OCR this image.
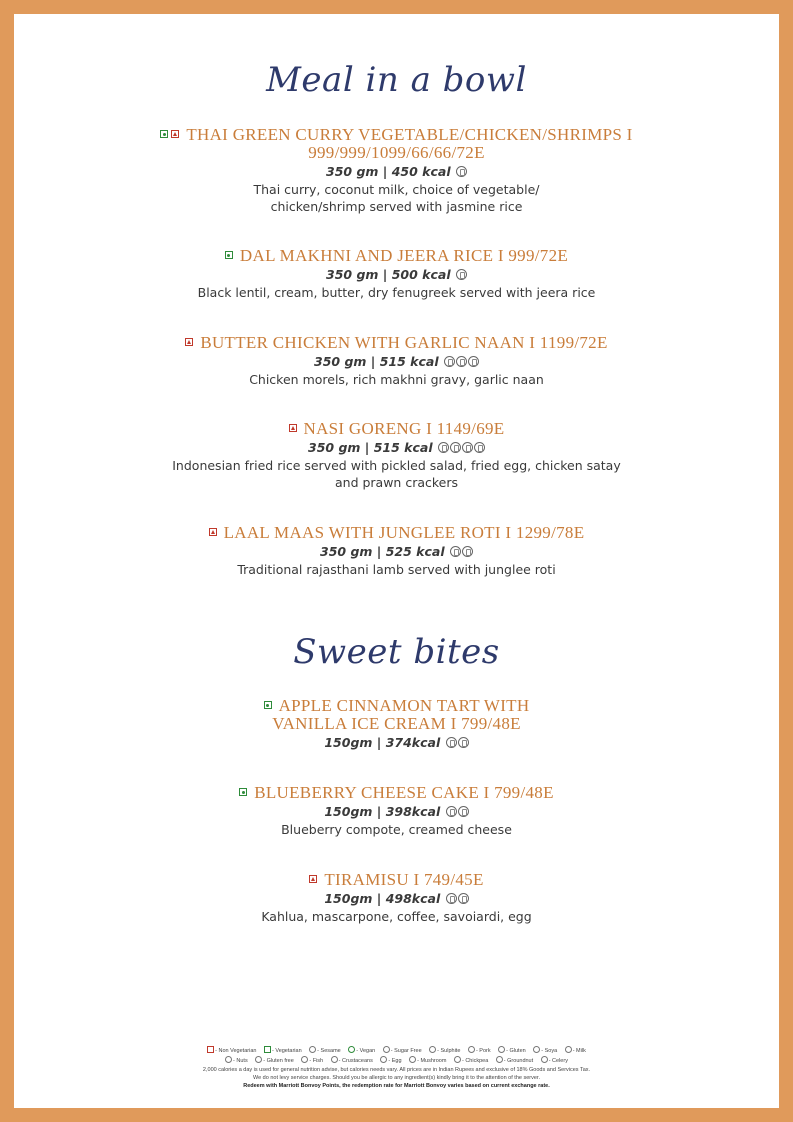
Meal in a bowl
THAI GREEN CURRY VEGETABLE/CHICKEN/SHRIMPS I
999/999/1099/66/66/72E
350 gm | 450 kcal
Thai curry, coconut milk, choice of vegetable/
chicken/shrimp served with jasmine rice
DAL MAKHNI AND JEERA RICE I 999/72E
350 gm | 500 kcal
Black lentil, cream, butter, dry fenugreek served with jeera rice
BUTTER CHICKEN WITH GARLIC NAAN I 1199/72E
350 gm | 515 kcal
Chicken morels, rich makhni gravy, garlic naan
NASI GORENG I 1149/69E
350 gm | 515 kcal
Indonesian fried rice served with pickled salad, fried egg, chicken satay
and prawn crackers
LAAL MAAS WITH JUNGLEE ROTI I 1299/78E
350 gm | 525 kcal
Traditional rajasthani lamb served with junglee roti
Sweet bites
APPLE CINNAMON TART WITH
VANILLA ICE CREAM I 799/48E
150gm | 374kcal
BLUEBERRY CHEESE CAKE I 799/48E
150gm | 398kcal
Blueberry compote, creamed cheese
TIRAMISU I 749/45E
150gm | 498kcal
Kahlua, mascarpone, coffee, savoiardi, egg
- Non Vegetarian	- Vegetarian	- Sesame	- Vegan	- Sugar Free	- Sulphite	- Pork	- Gluten	- Soya	- Milk
- Nuts	- Gluten free	- Fish	- Crustaceans	- Egg	- Mushroom	- Chickpea	- Groundnut	- Celery
2,000 calories a day is used for general nutrition advise, but calories needs vary. All prices are in Indian Rupees and exclusive of 18% Goods and Services Tax.
We do not levy service charges. Should you be allergic to any ingredient(s) kindly bring it to the attention of the server.
Redeem with Marriott Bonvoy Points, the redemption rate for Marriott Bonvoy varies based on current exchange rate.
